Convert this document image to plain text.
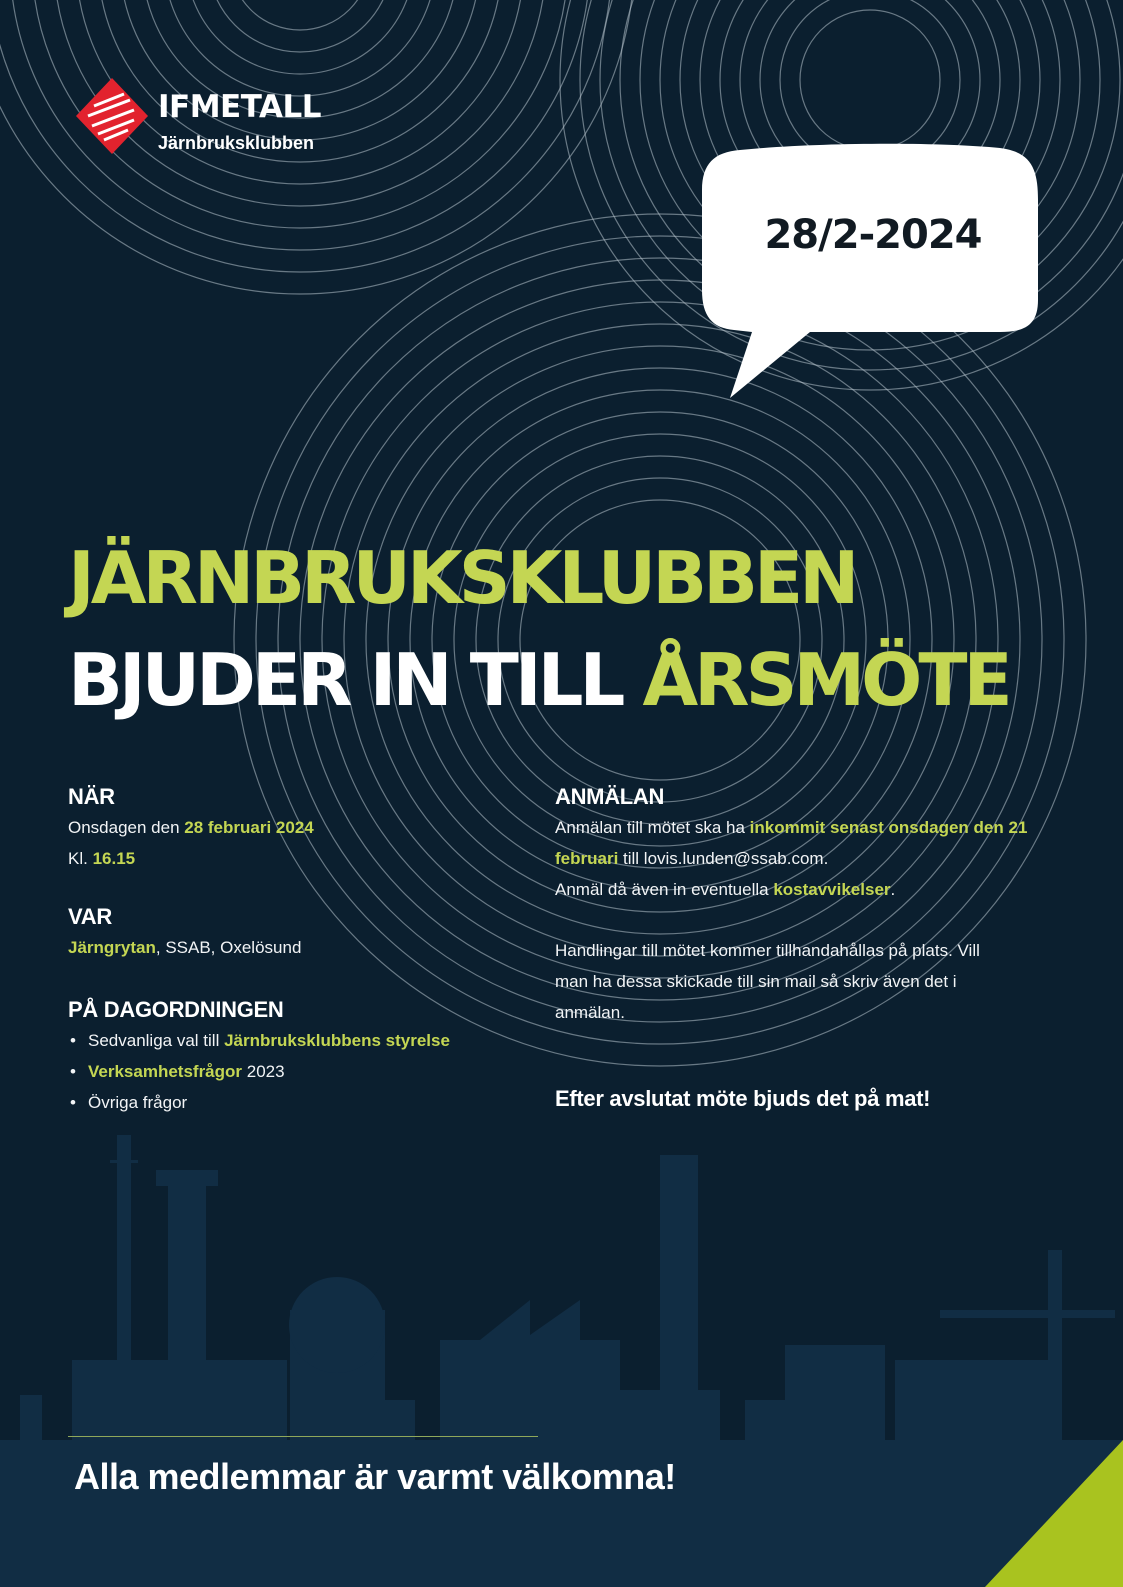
IFMETALL
Järnbruksklubben
28/2-2024
JÄRNBRUKSKLUBBEN
BJUDER IN TILL ÅRSMÖTE
NÄR

Onsdagen den 28 februari 2024

Kl. 16.15

VAR

Järngrytan, SSAB, Oxelösund

PÅ DAGORDNINGEN
• Sedvanliga val till Järnbruksklubbens styrelse
• Verksamhetsfrågor 2023
• Övriga frågor
ANMÄLAN

Anmälan till mötet ska ha inkommit senast onsdagen den 21

februari till lovis.lunden@ssab.com.

Anmäl då även in eventuella kostavvikelser.

Handlingar till mötet kommer tillhandahållas på plats. Vill

man ha dessa skickade till sin mail så skriv även det i

anmälan.

Efter avslutat möte bjuds det på mat!
Alla medlemmar är varmt välkomna!
